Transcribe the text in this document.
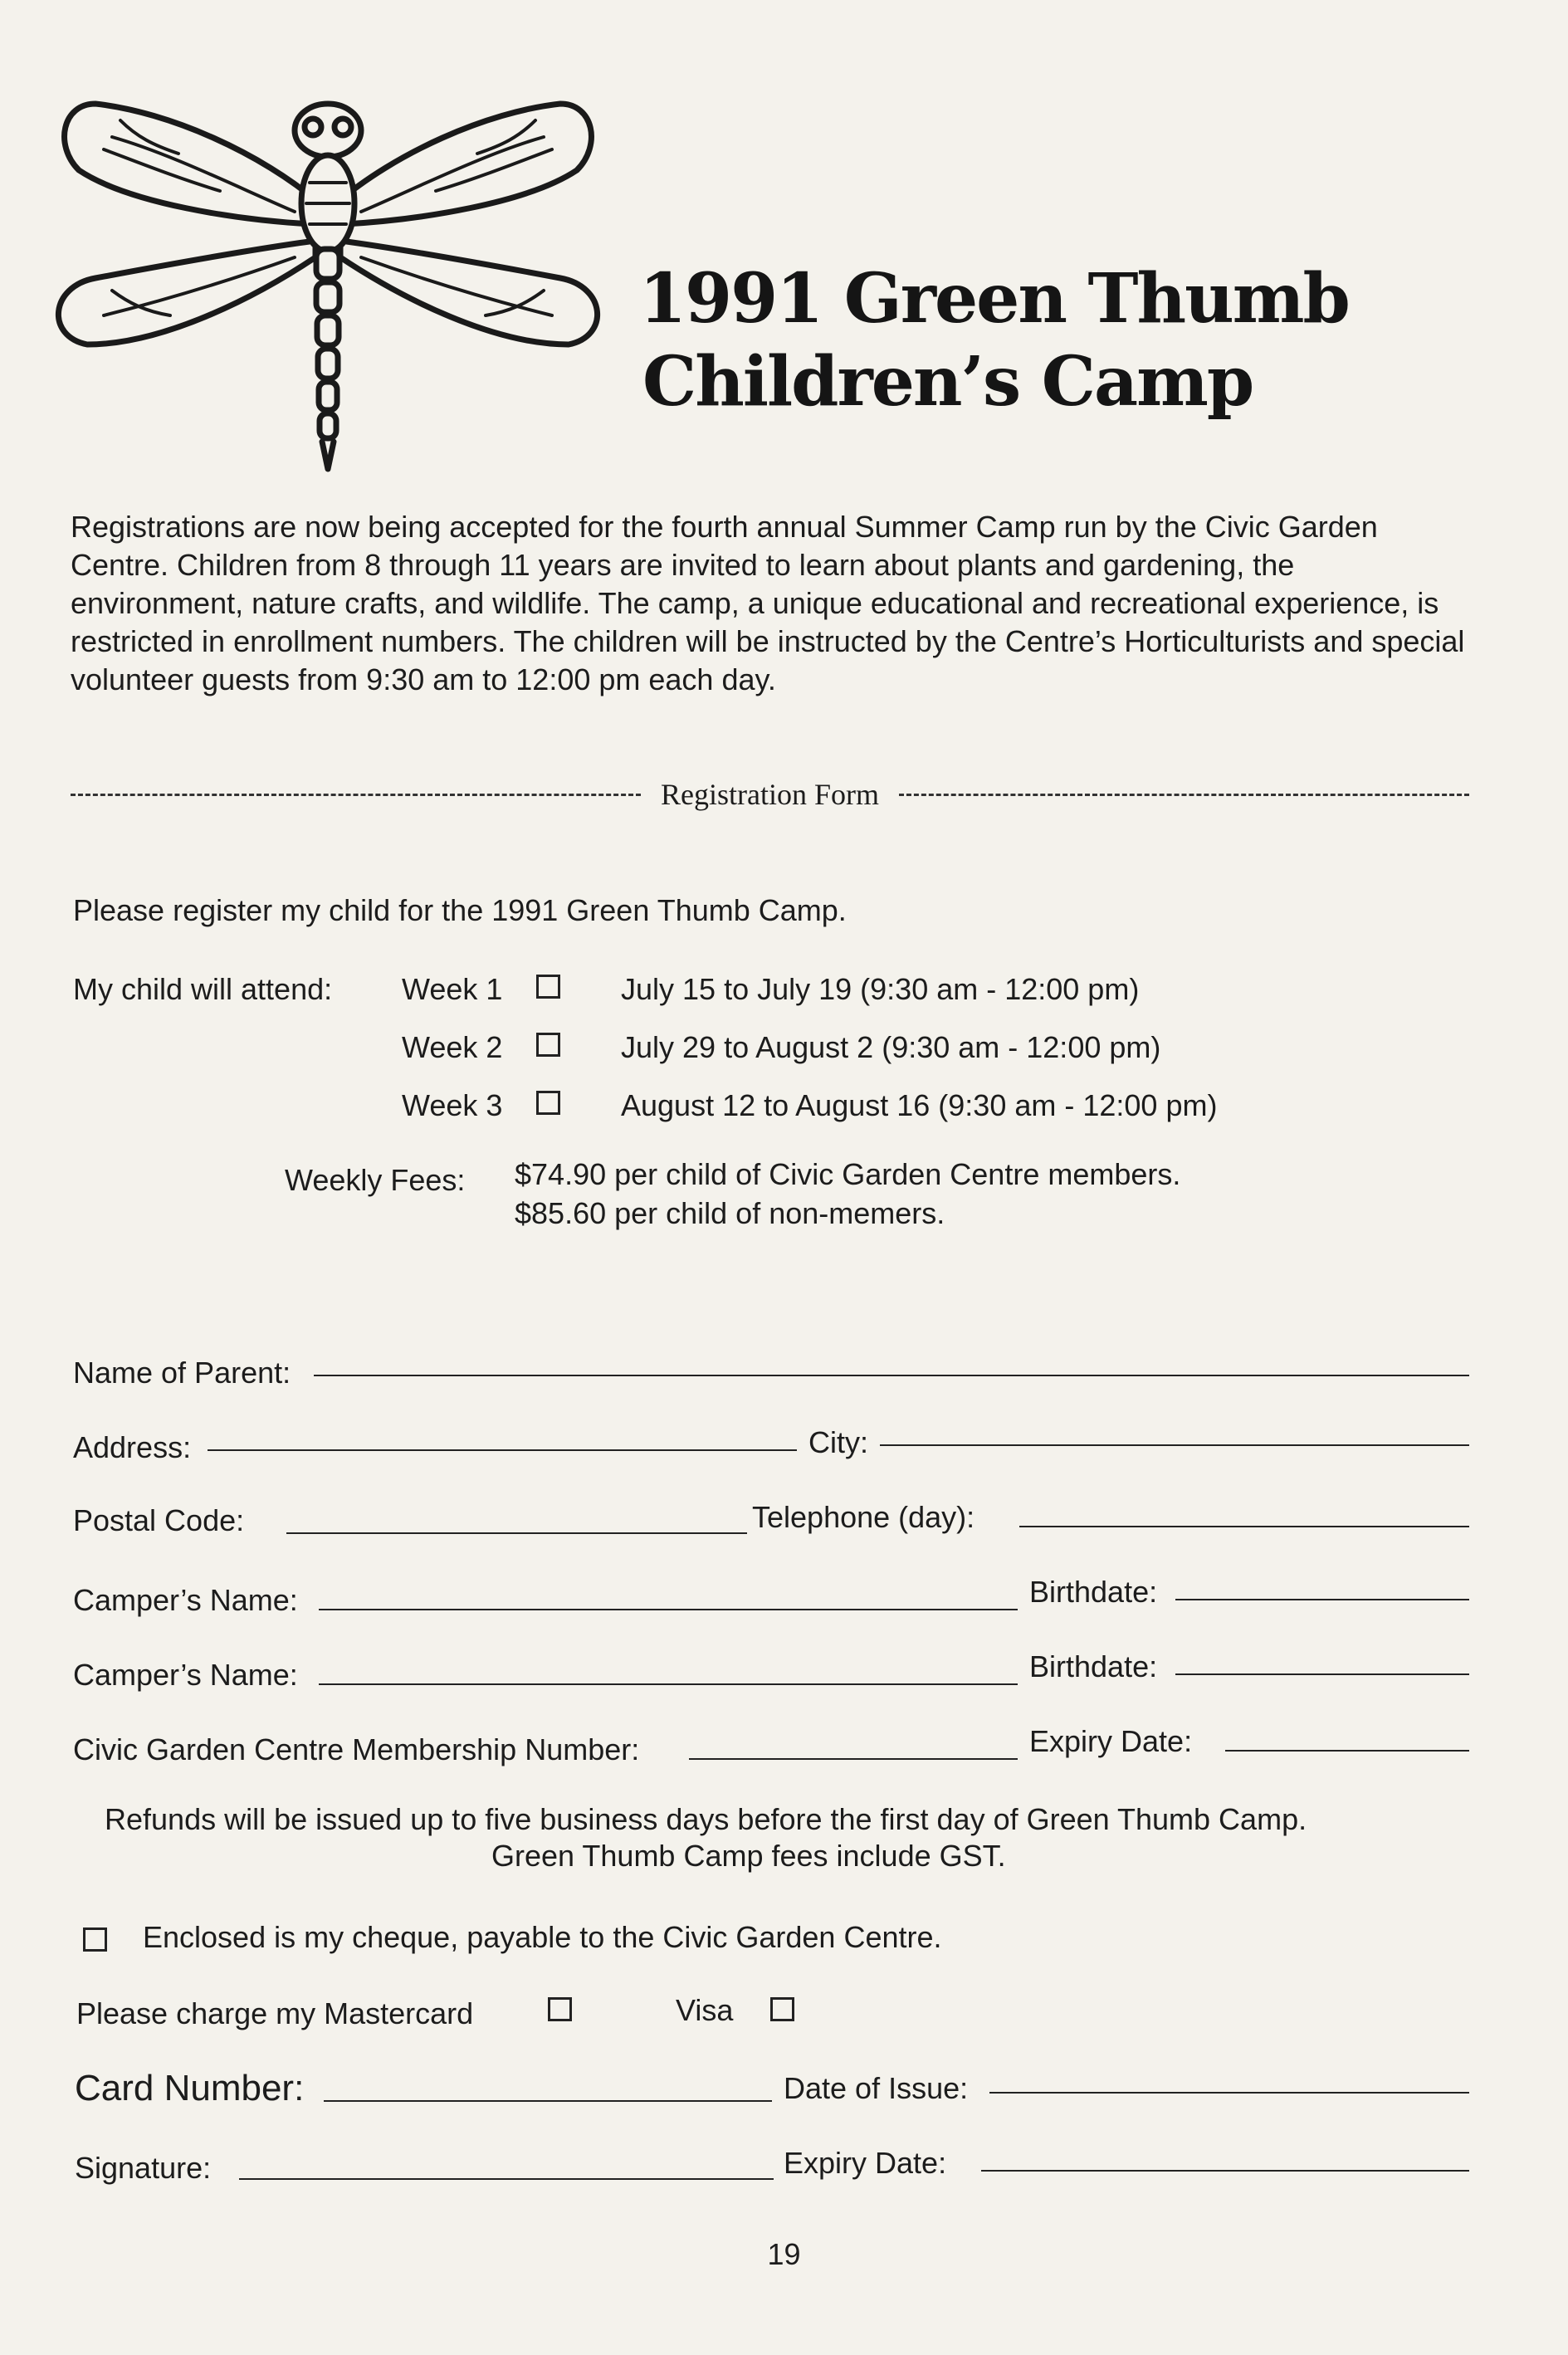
1991 Green Thumb
Children’s Camp

Registrations are now being accepted for the fourth annual Summer Camp run by the Civic Garden Centre. Children from 8 through 11 years are invited to learn about plants and gardening, the environment, nature crafts, and wildlife. The camp, a unique educational and recreational experience, is restricted in enrollment numbers. The children will be instructed by the Centre’s Horticulturists and special volunteer guests from 9:30 am to 12:00 pm each day.

Registration Form
Please register my child for the 1991 Green Thumb Camp.
My child will attend: Week 1	July 15 to July 19 (9:30 am - 12:00 pm)
Week 2	July 29 to August 2 (9:30 am - 12:00 pm)
Week 3	August 12 to August 16 (9:30 am - 12:00 pm)
Weekly Fees: $74.90 per child of Civic Garden Centre members.
$85.60 per child of non-memers.
Name of Parent:
Address:	City:
Postal Code:	Telephone (day):
Camper’s Name:	Birthdate:
Camper’s Name:	Birthdate:
Civic Garden Centre Membership Number:	Expiry Date:
Refunds will be issued up to five business days before the first day of Green Thumb Camp.
Green Thumb Camp fees include GST.
Enclosed is my cheque, payable to the Civic Garden Centre.
Please charge my Mastercard	Visa
Card Number:	Date of Issue:
Signature:	Expiry Date:
19
